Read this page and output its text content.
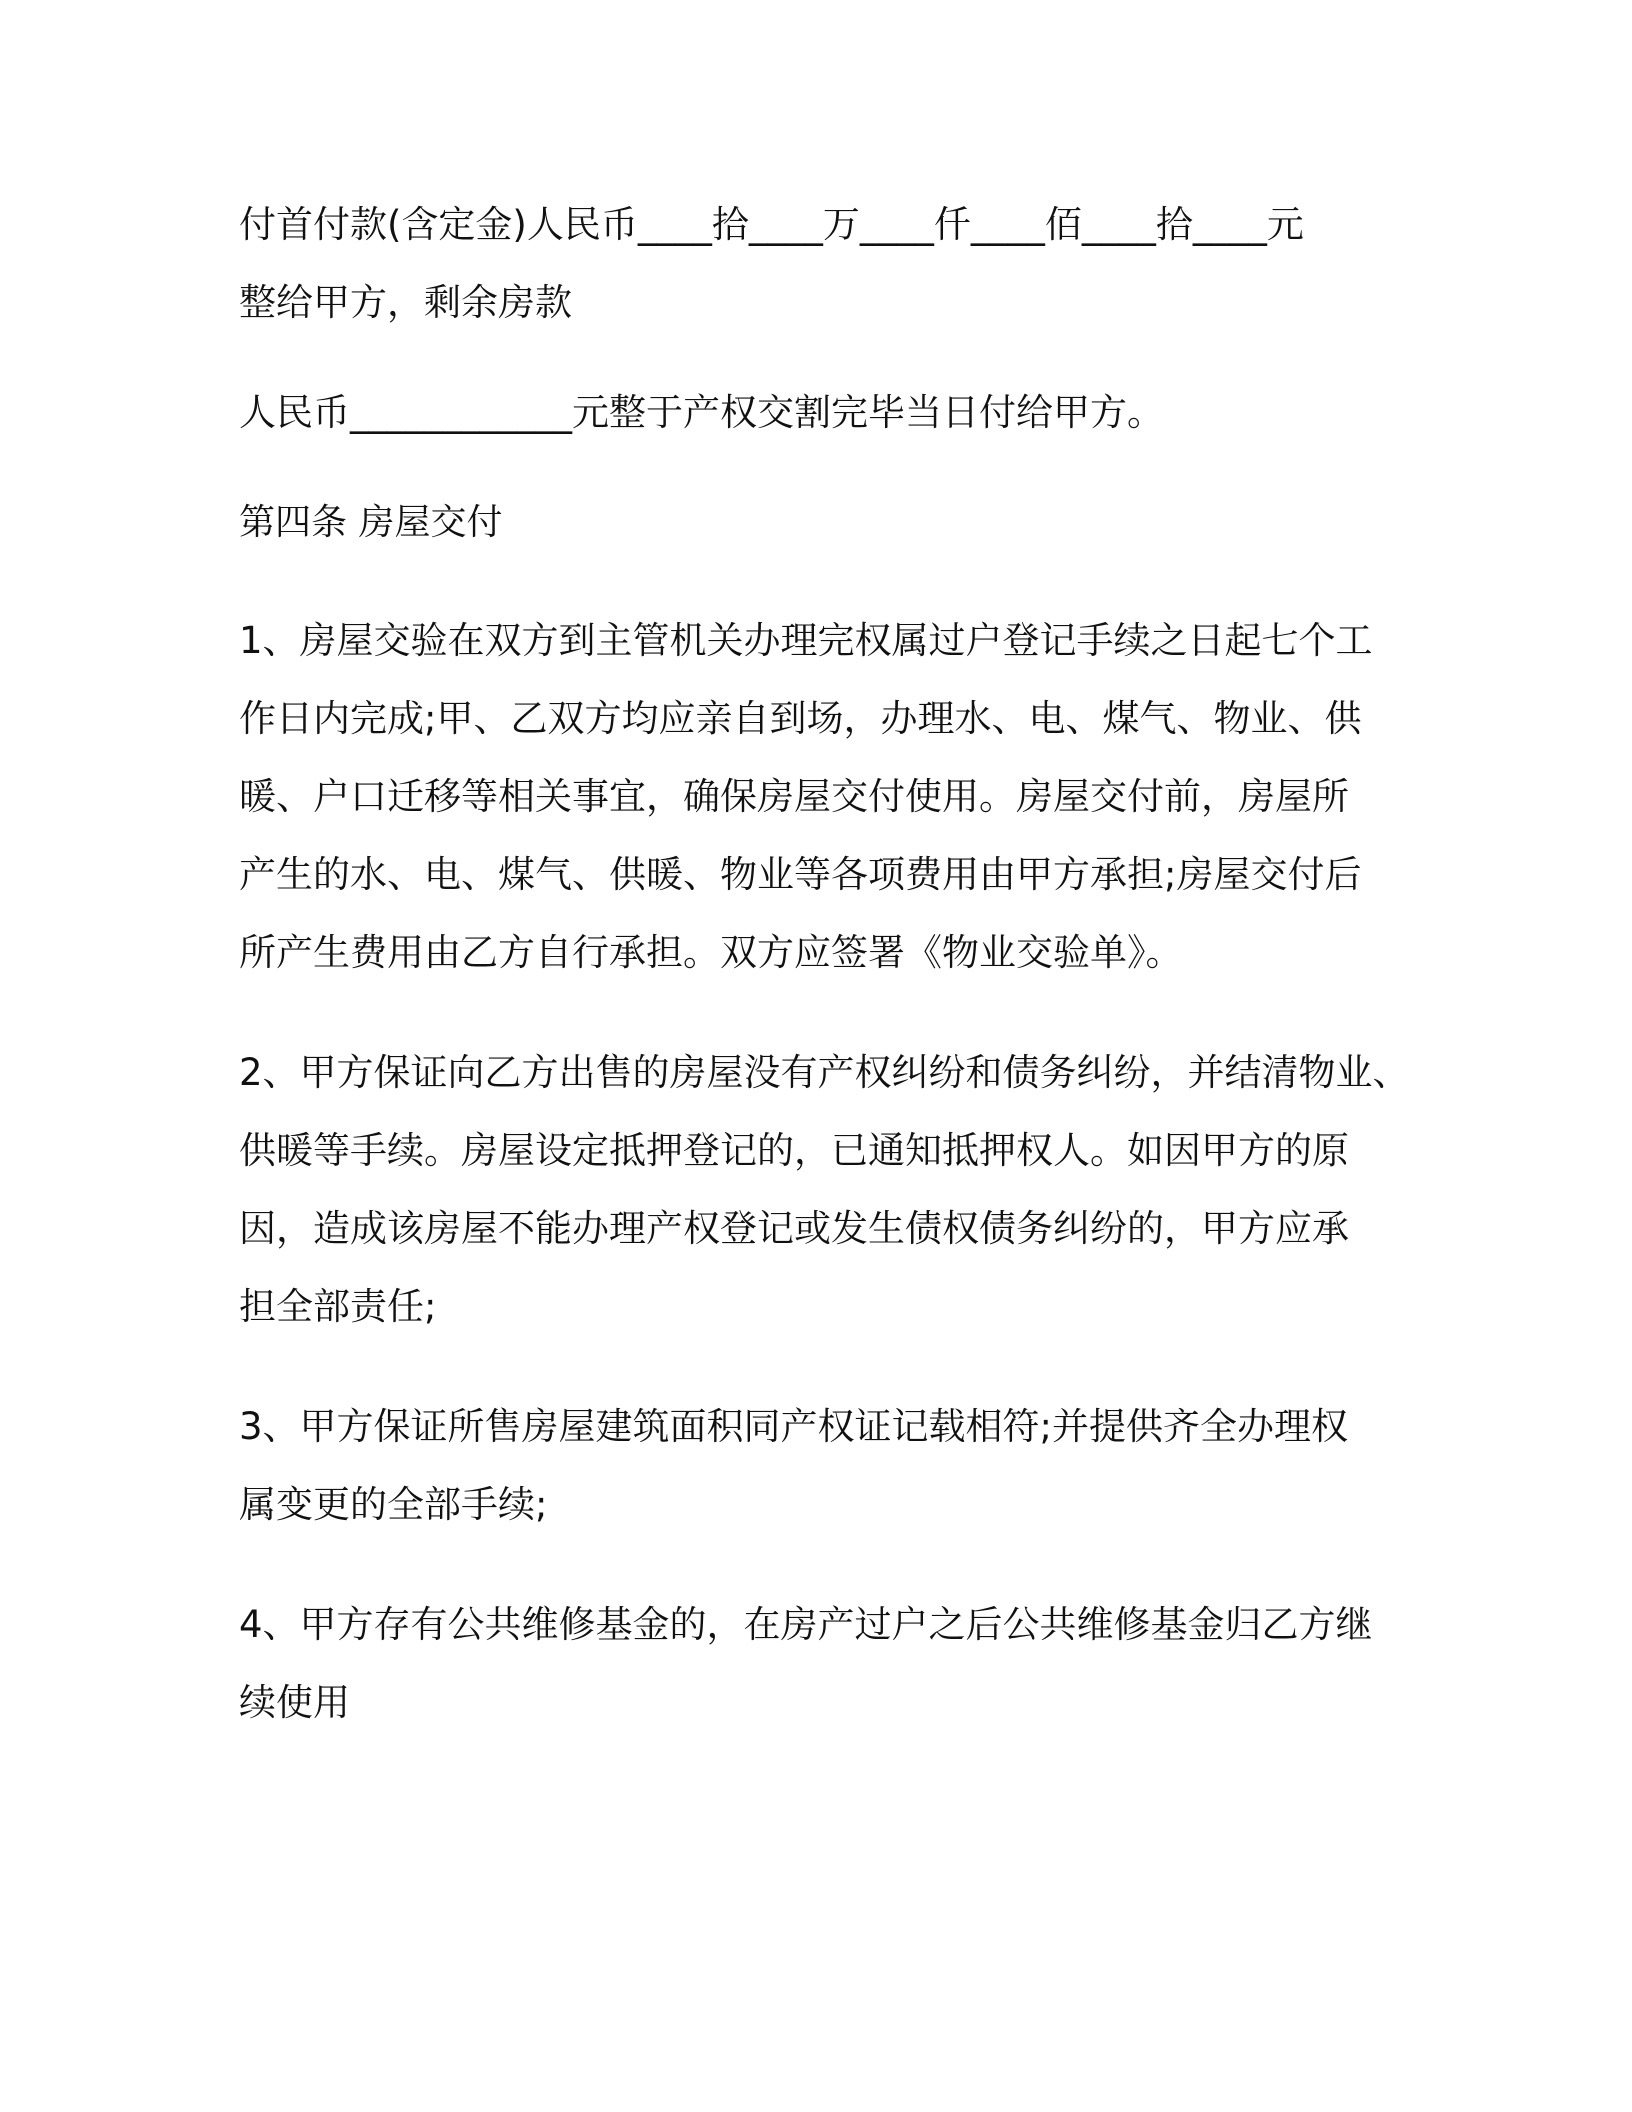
付首付款(含定金)人民币____拾____万____仟____佰____拾____元
整给甲方，剩余房款

人民币____________元整于产权交割完毕当日付给甲方。

第四条 房屋交付

1、房屋交验在双方到主管机关办理完权属过户登记手续之日起七个工
作日内完成;甲、乙双方均应亲自到场，办理水、电、煤气、物业、供
暖、户口迁移等相关事宜，确保房屋交付使用。房屋交付前，房屋所
产生的水、电、煤气、供暖、物业等各项费用由甲方承担;房屋交付后
所产生费用由乙方自行承担。双方应签署《物业交验单》。

2、甲方保证向乙方出售的房屋没有产权纠纷和债务纠纷，并结清物业、
供暖等手续。房屋设定抵押登记的，已通知抵押权人。如因甲方的原
因，造成该房屋不能办理产权登记或发生债权债务纠纷的，甲方应承
担全部责任;

3、甲方保证所售房屋建筑面积同产权证记载相符;并提供齐全办理权
属变更的全部手续;

4、甲方存有公共维修基金的，在房产过户之后公共维修基金归乙方继
续使用
